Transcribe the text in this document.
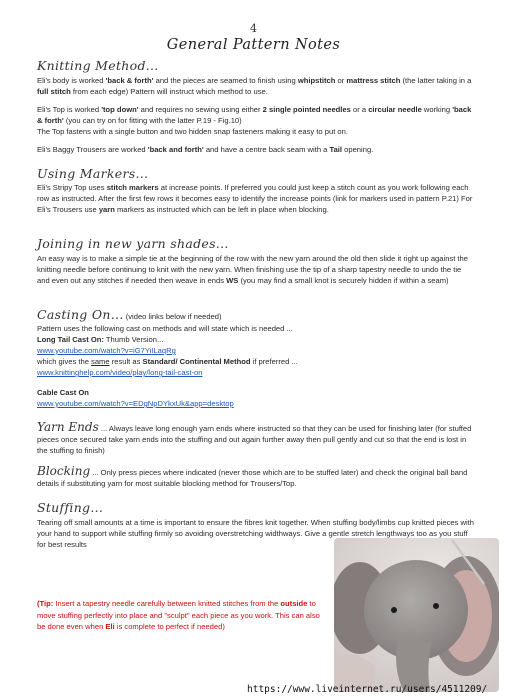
4
General Pattern Notes
Knitting Method...

Eli's body is worked 'back & forth' and the pieces are seamed to finish using whipstitch or mattress stitch (the latter taking in a full stitch from each edge) Pattern will instruct which method to use.

Eli's Top is worked 'top down' and requires no sewing using either 2 single pointed needles or a circular needle working 'back & forth' (you can try on for fitting with the latter P.19 - Fig.10)
The Top fastens with a single button and two hidden snap fasteners making it easy to put on.

Eli's Baggy Trousers are worked 'back and forth' and have a centre back seam with a Tail opening.

Using Markers...

Eli's Stripy Top uses stitch markers at increase points. If preferred you could just keep a stitch count as you work following each row as instructed. After the first few rows it becomes easy to identify the increase points (link for markers used in pattern P.21) For Eli's Trousers use yarn markers as instructed which can be left in place when blocking.

Joining in new yarn shades...

An easy way is to make a simple tie at the beginning of the row with the new yarn around the old then slide it right up against the knitting needle before continuing to knit with the new yarn. When finishing use the tip of a sharp tapestry needle to undo the tie and even out any stitches if needed then weave in ends WS (you may find a small knot is securely hidden if within a seam)

Casting On... (video links below if needed)

Pattern uses the following cast on methods and will state which is needed ...

Long Tail Cast On: Thumb Version...

www.youtube.com/watch?v=iG7YiILaqRg

which gives the same result as Standard/ Continental Method if preferred ...

www.knittinghelp.com/video/play/long-tail-cast-on

Cable Cast On

www.youtube.com/watch?v=EDgNpDYkxUk&app=desktop

Yarn Ends ... Always leave long enough yarn ends where instructed so that they can be used for finishing later (for stuffed pieces once secured take yarn ends into the stuffing and out again further away then pull gently and cut so that the end is lost in the stuffing to finish)

Blocking ... Only press pieces where indicated (never those which are to be stuffed later) and check the original ball band details if substituting yarn for most suitable blocking method for Trousers/Top.

Stuffing...

Tearing off small amounts at a time is important to ensure the fibres knit together. When stuffing body/limbs cup knitted pieces with your hand to support while stuffing firmly so avoiding overstretching widthways. Give a gentle stretch lengthways too as you stuff for best results

(Tip: Insert a tapestry needle carefully between knitted stitches from the outside to move stuffing perfectly into place and "sculpt" each piece as you work. This can also be done even when Eli is complete to perfect if needed)
https://www.liveinternet.ru/users/4511209/
